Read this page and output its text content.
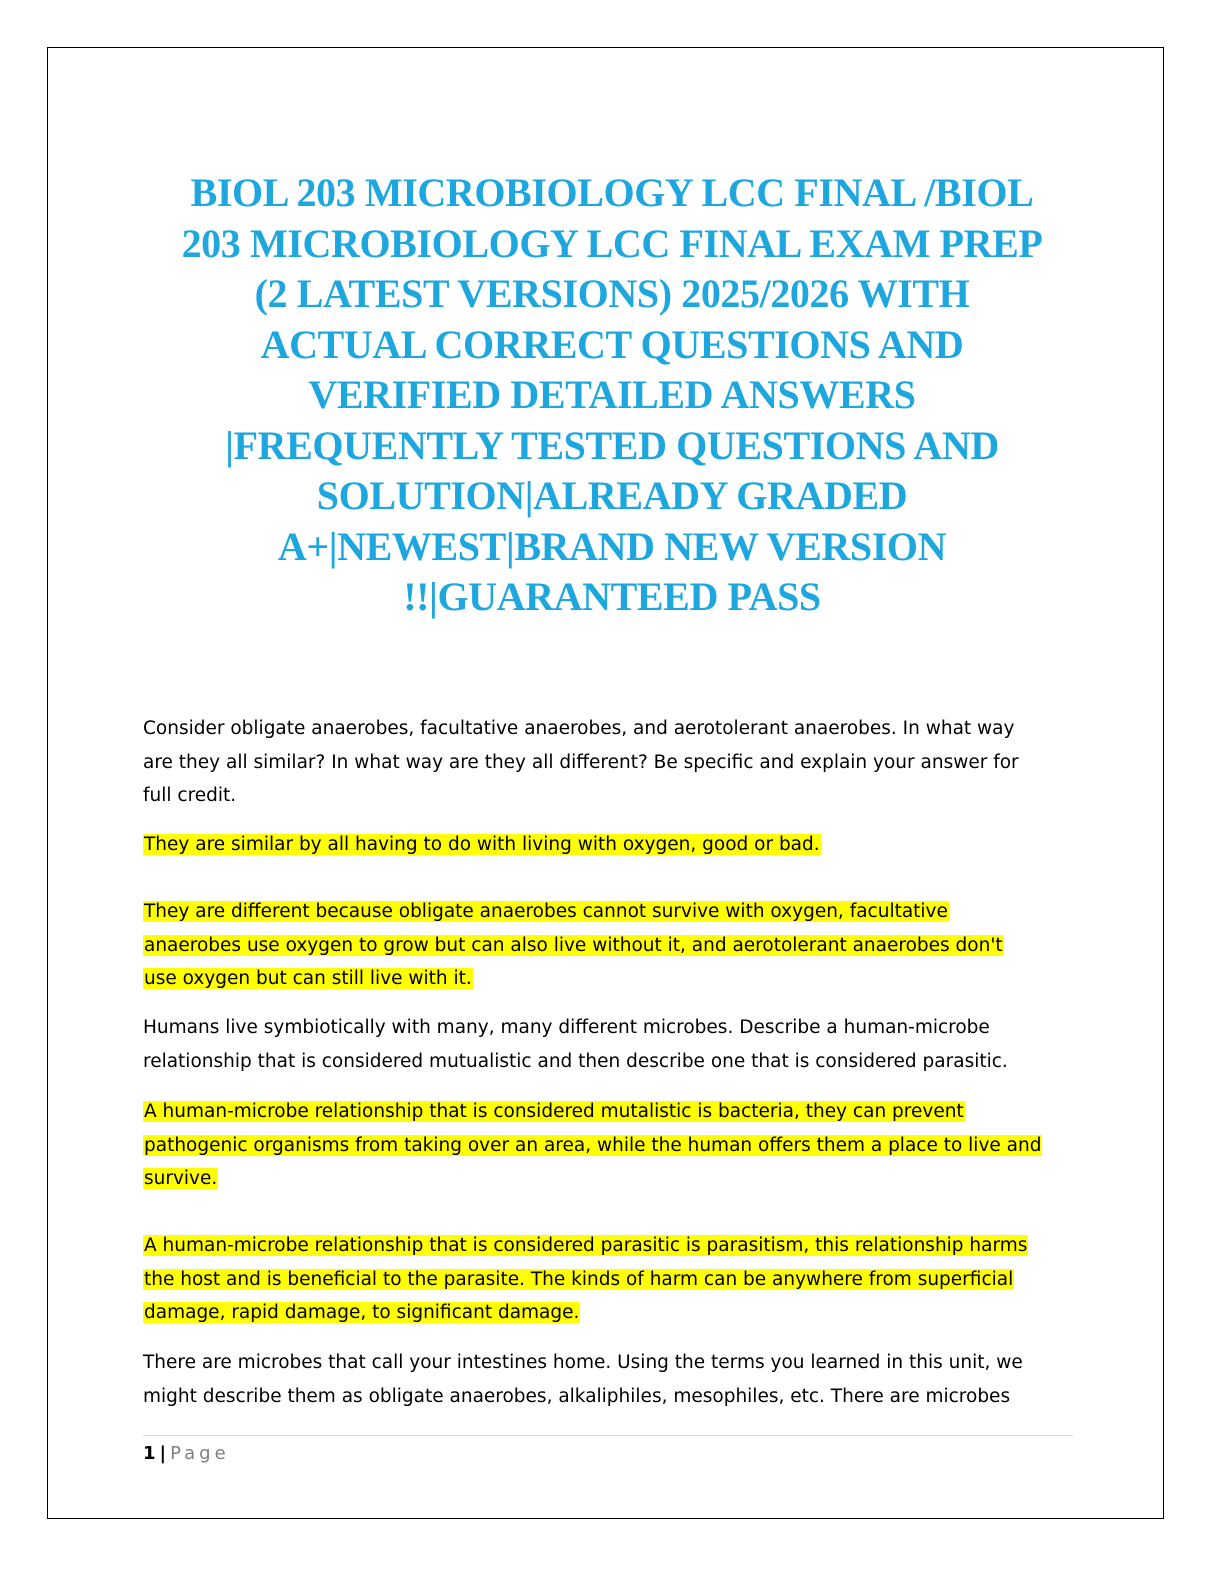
BIOL 203 MICROBIOLOGY LCC FINAL /BIOL
203 MICROBIOLOGY LCC FINAL EXAM PREP
(2 LATEST VERSIONS) 2025/2026 WITH
ACTUAL CORRECT QUESTIONS AND
VERIFIED DETAILED ANSWERS
|FREQUENTLY TESTED QUESTIONS AND
SOLUTION|ALREADY GRADED
A+|NEWEST|BRAND NEW VERSION
!!|GUARANTEED PASS
Consider obligate anaerobes, facultative anaerobes, and aerotolerant anaerobes. In what way
are they all similar? In what way are they all different? Be specific and explain your answer for
full credit.
They are similar by all having to do with living with oxygen, good or bad.
They are different because obligate anaerobes cannot survive with oxygen, facultative
anaerobes use oxygen to grow but can also live without it, and aerotolerant anaerobes don't
use oxygen but can still live with it.
Humans live symbiotically with many, many different microbes. Describe a human-microbe
relationship that is considered mutualistic and then describe one that is considered parasitic.
A human-microbe relationship that is considered mutalistic is bacteria, they can prevent
pathogenic organisms from taking over an area, while the human offers them a place to live and
survive.
A human-microbe relationship that is considered parasitic is parasitism, this relationship harms
the host and is beneficial to the parasite. The kinds of harm can be anywhere from superficial
damage, rapid damage, to significant damage.
There are microbes that call your intestines home. Using the terms you learned in this unit, we
might describe them as obligate anaerobes, alkaliphiles, mesophiles, etc. There are microbes
1 | Page
